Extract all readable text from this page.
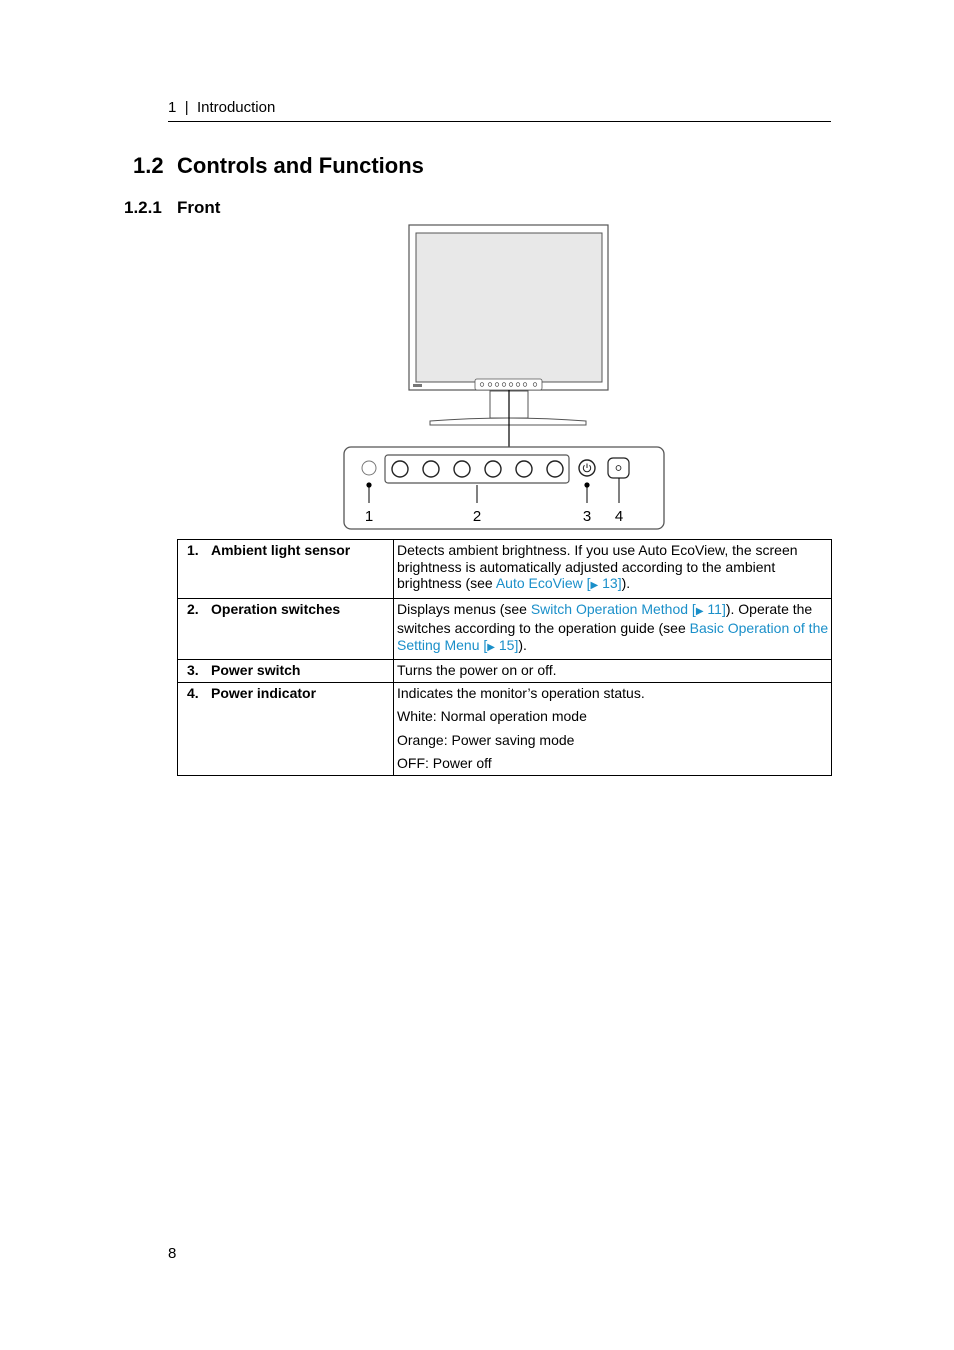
1 | Introduction
1.2 Controls and Functions
1.2.1 Front
1	2	3 4
1. Ambient light sensor	Detects ambient brightness. If you use Auto EcoView, the screen brightness is automatically adjusted according to the ambient brightness (see Auto EcoView [▶ 13]).
2. Operation switches	Displays menus (see Switch Operation Method [▶ 11]). Operate the switches according to the operation guide (see Basic Operation of the Setting Menu [▶ 15]).
3. Power switch	Turns the power on or off.
4. Power indicator	Indicates the monitor’s operation status.

White: Normal operation mode

Orange: Power saving mode

OFF: Power off

8
